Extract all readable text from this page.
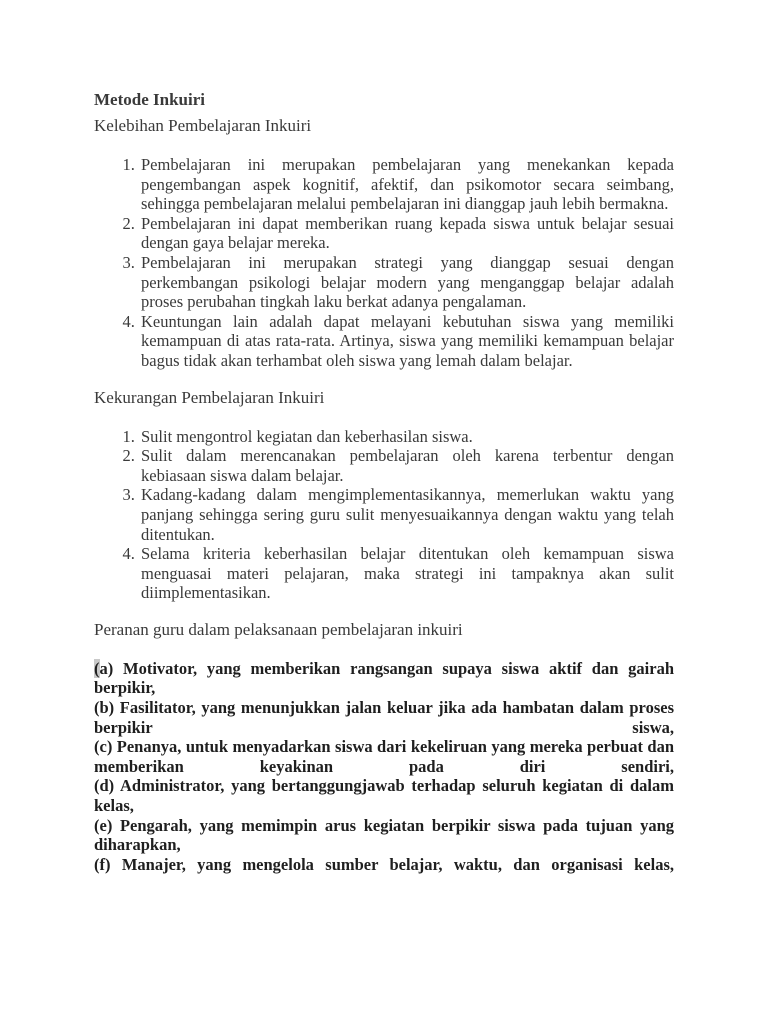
Metode Inkuiri
Kelebihan Pembelajaran Inkuiri
1. Pembelajaran ini merupakan pembelajaran yang menekankan kepada pengembangan aspek kognitif, afektif, dan psikomotor secara seimbang, sehingga pembelajaran melalui pembelajaran ini dianggap jauh lebih bermakna.
2. Pembelajaran ini dapat memberikan ruang kepada siswa untuk belajar sesuai dengan gaya belajar mereka.
3. Pembelajaran ini merupakan strategi yang dianggap sesuai dengan perkembangan psikologi belajar modern yang menganggap belajar adalah proses perubahan tingkah laku berkat adanya pengalaman.
4. Keuntungan lain adalah dapat melayani kebutuhan siswa yang memiliki kemampuan di atas rata-rata. Artinya, siswa yang memiliki kemampuan belajar bagus tidak akan terhambat oleh siswa yang lemah dalam belajar.
Kekurangan Pembelajaran Inkuiri
1. Sulit mengontrol kegiatan dan keberhasilan siswa.
2. Sulit dalam merencanakan pembelajaran oleh karena terbentur dengan kebiasaan siswa dalam belajar.
3. Kadang-kadang dalam mengimplementasikannya, memerlukan waktu yang panjang sehingga sering guru sulit menyesuaikannya dengan waktu yang telah ditentukan.
4. Selama kriteria keberhasilan belajar ditentukan oleh kemampuan siswa menguasai materi pelajaran, maka strategi ini tampaknya akan sulit diimplementasikan.
Peranan guru dalam pelaksanaan pembelajaran inkuiri

(a) Motivator, yang memberikan rangsangan supaya siswa aktif dan gairah berpikir,

(b) Fasilitator, yang menunjukkan jalan keluar jika ada hambatan dalam proses berpikir siswa,

(c) Penanya, untuk menyadarkan siswa dari kekeliruan yang mereka perbuat dan memberikan keyakinan pada diri sendiri,

(d) Administrator, yang bertanggungjawab terhadap seluruh kegiatan di dalam kelas,

(e) Pengarah, yang memimpin arus kegiatan berpikir siswa pada tujuan yang diharapkan,

(f) Manajer, yang mengelola sumber belajar, waktu, dan organisasi kelas,
